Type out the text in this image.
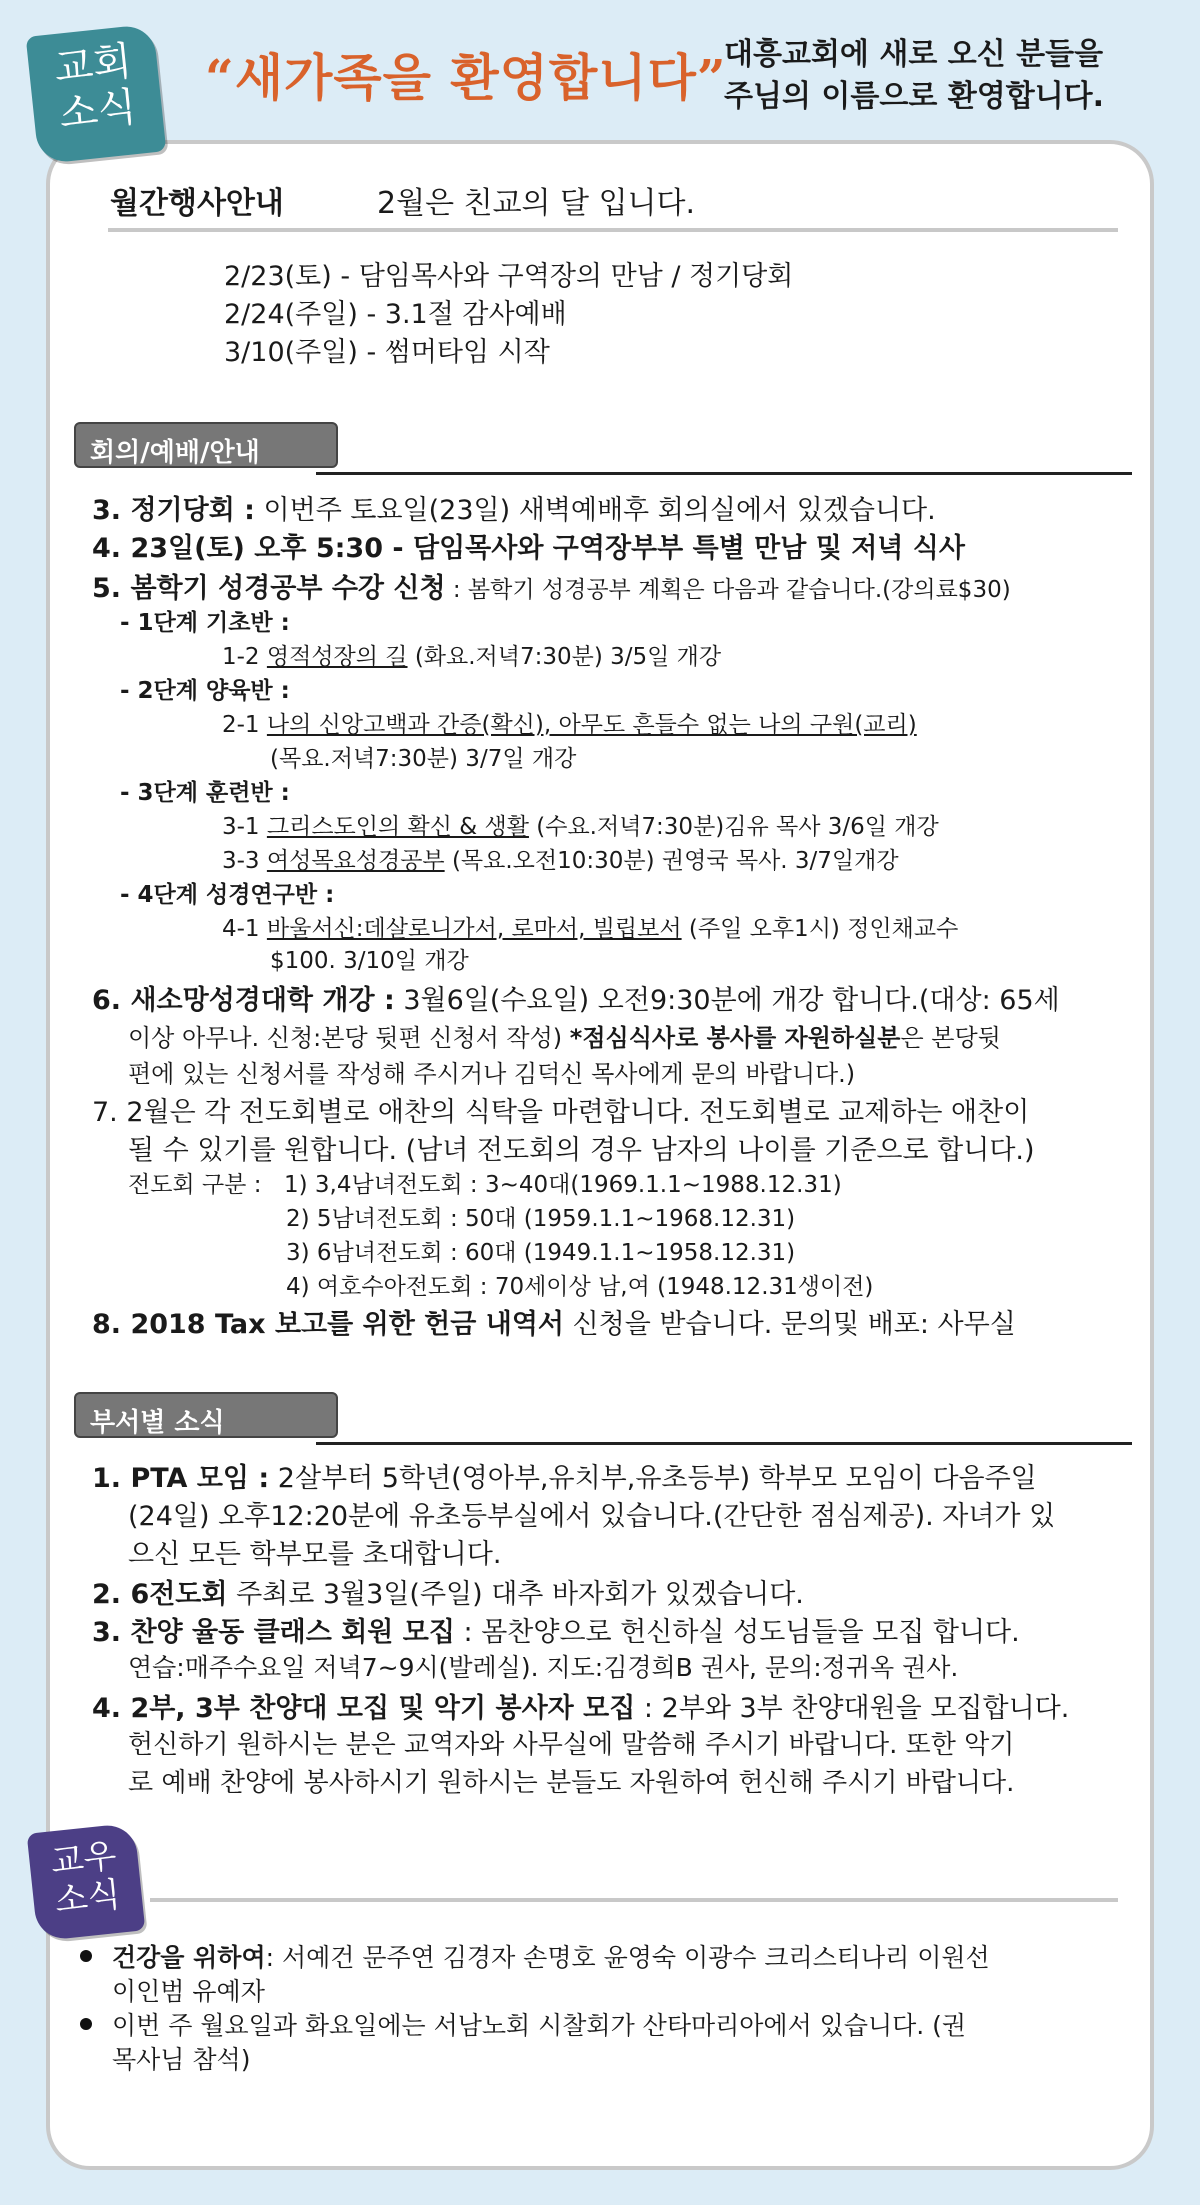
교회
소식
“새가족을 환영합니다”
대흥교회에 새로 오신 분들을
주님의 이름으로 환영합니다.
월간행사안내	2월은 친교의 달 입니다.
2/23(토) - 담임목사와 구역장의 만남 / 정기당회
2/24(주일) - 3.1절 감사예배
3/10(주일) - 썸머타임 시작
회의/예배/안내
3. 정기당회 : 이번주 토요일(23일) 새벽예배후 회의실에서 있겠습니다.
4. 23일(토) 오후 5:30 - 담임목사와 구역장부부 특별 만남 및 저녁 식사
5. 봄학기 성경공부 수강 신청 : 봄학기 성경공부 계획은 다음과 같습니다.(강의료$30)
- 1단계 기초반 :
1-2 영적성장의 길 (화요.저녁7:30분) 3/5일 개강
- 2단계 양육반 :
2-1 나의 신앙고백과 간증(확신), 아무도 흔들수 없는 나의 구원(교리)
(목요.저녁7:30분) 3/7일 개강
- 3단계 훈련반 :
3-1 그리스도인의 확신 & 생활 (수요.저녁7:30분)김유 목사 3/6일 개강
3-3 여성목요성경공부 (목요.오전10:30분) 권영국 목사. 3/7일개강
- 4단계 성경연구반 :
4-1 바울서신:데살로니가서, 로마서, 빌립보서 (주일 오후1시) 정인채교수
$100. 3/10일 개강
6. 새소망성경대학 개강 : 3월6일(수요일) 오전9:30분에 개강 합니다.(대상: 65세
이상 아무나. 신청:본당 뒷편 신청서 작성) *점심식사로 봉사를 자원하실분은 본당뒷
편에 있는 신청서를 작성해 주시거나 김덕신 목사에게 문의 바랍니다.)
7. 2월은 각 전도회별로 애찬의 식탁을 마련합니다. 전도회별로 교제하는 애찬이
될 수 있기를 원합니다. (남녀 전도회의 경우 남자의 나이를 기준으로 합니다.)
전도회 구분 : 1) 3,4남녀전도회 : 3~40대(1969.1.1~1988.12.31)
2) 5남녀전도회 : 50대 (1959.1.1~1968.12.31)
3) 6남녀전도회 : 60대 (1949.1.1~1958.12.31)
4) 여호수아전도회 : 70세이상 남,여 (1948.12.31생이전)
8. 2018 Tax 보고를 위한 헌금 내역서 신청을 받습니다. 문의및 배포: 사무실
부서별 소식
1. PTA 모임 : 2살부터 5학년(영아부,유치부,유초등부) 학부모 모임이 다음주일
(24일) 오후12:20분에 유초등부실에서 있습니다.(간단한 점심제공). 자녀가 있
으신 모든 학부모를 초대합니다.
2. 6전도회 주최로 3월3일(주일) 대추 바자회가 있겠습니다.
3. 찬양 율동 클래스 회원 모집 : 몸찬양으로 헌신하실 성도님들을 모집 합니다.
연습:매주수요일 저녁7~9시(발레실). 지도:김경희B 권사, 문의:정귀옥 권사.
4. 2부, 3부 찬양대 모집 및 악기 봉사자 모집 : 2부와 3부 찬양대원을 모집합니다.
헌신하기 원하시는 분은 교역자와 사무실에 말씀해 주시기 바랍니다. 또한 악기
로 예배 찬양에 봉사하시기 원하시는 분들도 자원하여 헌신해 주시기 바랍니다.
교우
소식
건강을 위하여: 서예건 문주연 김경자 손명호 윤영숙 이광수 크리스티나리 이원선
이인범 유예자
이번 주 월요일과 화요일에는 서남노회 시찰회가 산타마리아에서 있습니다. (권
목사님 참석)
